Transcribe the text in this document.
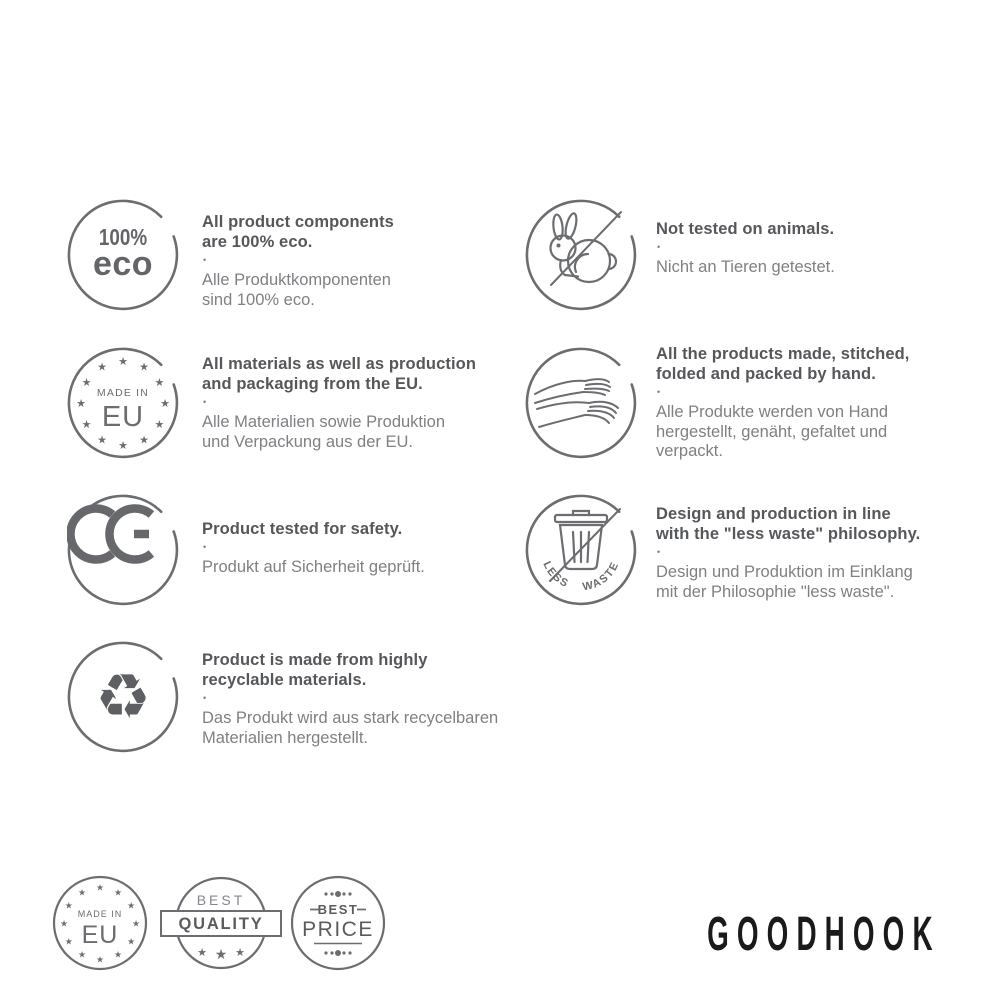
100%
eco
All product components
are 100% eco.
•
Alle Produktkomponenten
sind 100% eco.
Not tested on animals.
•
Nicht an Tieren getestet.
★ ★
★
★
★
★
★
★
★
★
★
★
MADE IN
EU
All materials as well as production
and packaging from the EU.
•
Alle Materialien sowie Produktion
und Verpackung aus der EU.
All the products made, stitched,
folded and packed by hand.
•
Alle Produkte werden von Hand
hergestellt, genäht, gefaltet und
verpackt.
Product tested for safety.
•
Produkt auf Sicherheit geprüft.	LESS WASTE
Design and production in line
with the "less waste" philosophy.
•
Design und Produktion im Einklang
mit der Philosophie "less waste".
♻	Product is made from highly
recyclable materials.
•
Das Produkt wird aus stark recycelbaren
Materialien hergestellt.
★ ★
★
★
★
★
★
★
★
★
★
★
MADE IN
EU
BEST
QUALITY
★ ★ ★
BEST
PRICE	GOODHOOK
